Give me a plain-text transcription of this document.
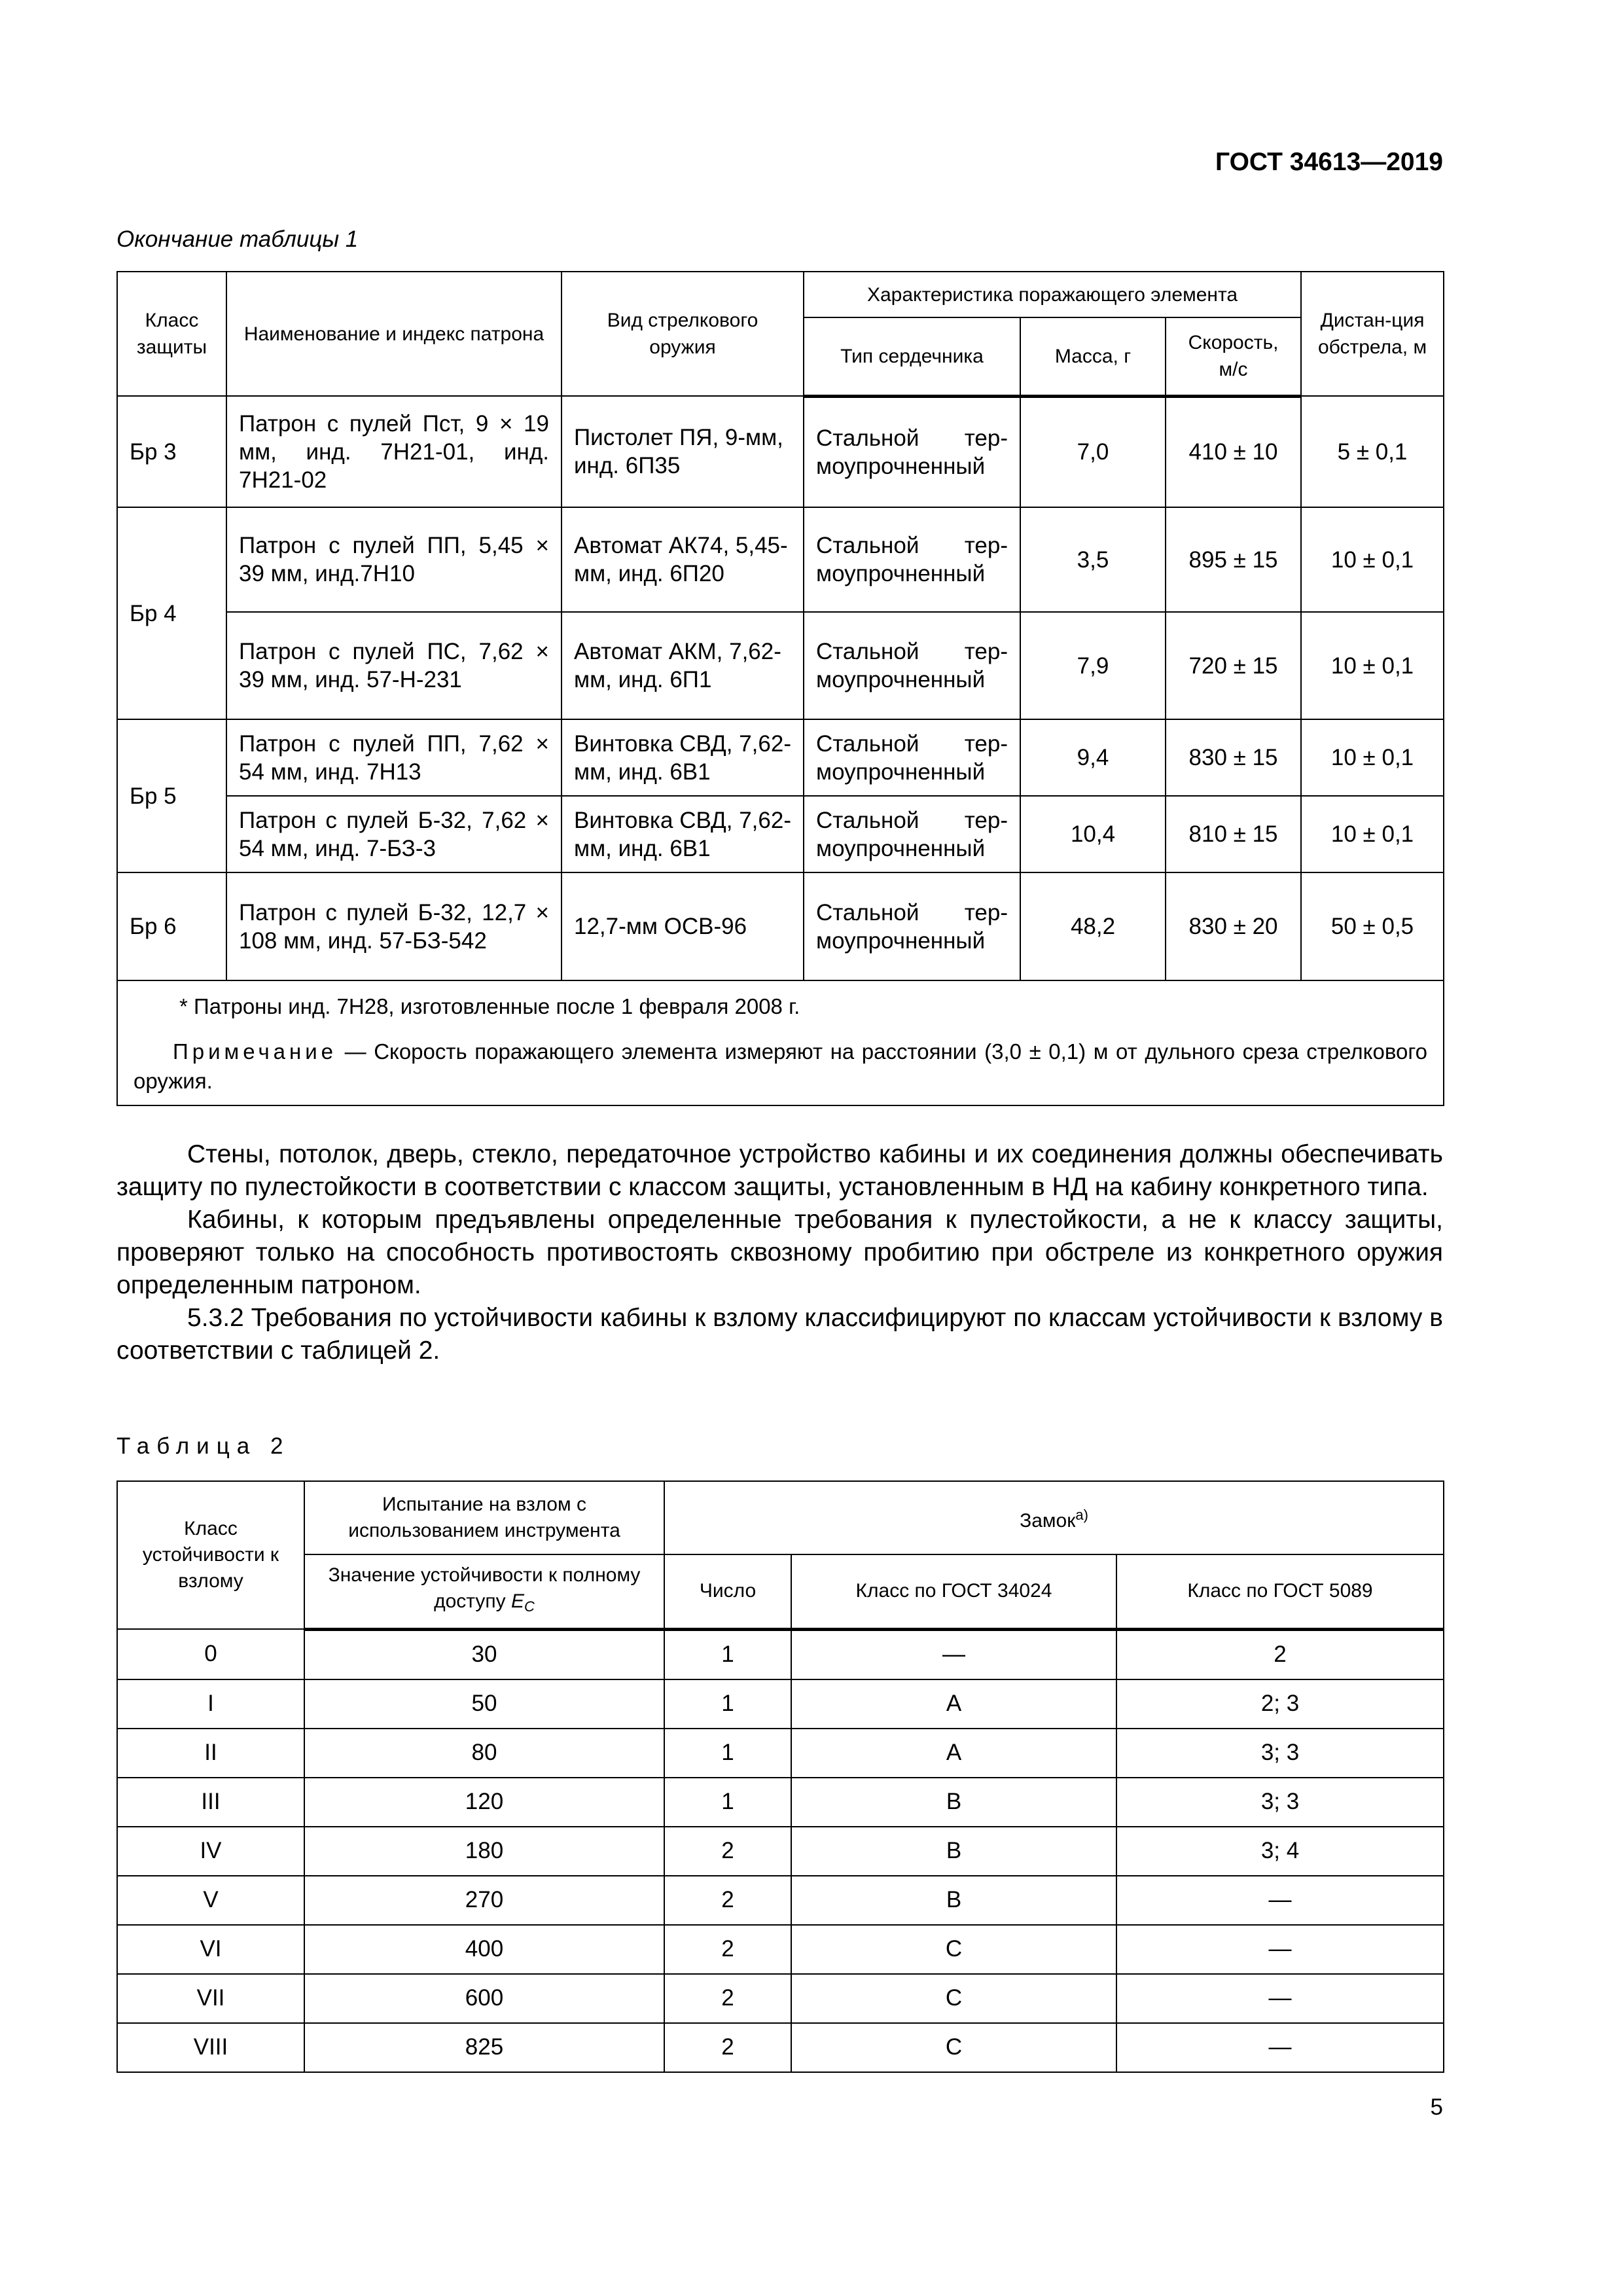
ГОСТ 34613—2019
Окончание таблицы 1
Класс защиты	Наименование и индекс патрона	Вид стрелкового оружия	Характеристика поражающего элемента			Дистан-ция обстрела, м
			Тип сердечника	Масса, г	Скорость, м/с	
Бр 3	Патрон с пулей Пст, 9 × 19 мм, инд. 7Н21-01, инд. 7Н21-02	Пистолет ПЯ, 9-мм, инд. 6П35	Стальной тер-моупрочненный	7,0	410 ± 10	5 ± 0,1
Бр 4	Патрон с пулей ПП, 5,45 × 39 мм, инд.7Н10	Автомат АК74, 5,45-мм, инд. 6П20	Стальной тер-моупрочненный	3,5	895 ± 15	10 ± 0,1
	Патрон с пулей ПС, 7,62 × 39 мм, инд. 57-Н-231	Автомат АКМ, 7,62-мм, инд. 6П1	Стальной тер-моупрочненный	7,9	720 ± 15	10 ± 0,1
Бр 5	Патрон с пулей ПП, 7,62 × 54 мм, инд. 7Н13	Винтовка СВД, 7,62-мм, инд. 6В1	Стальной тер-моупрочненный	9,4	830 ± 15	10 ± 0,1
	Патрон с пулей Б-32, 7,62 × 54 мм, инд. 7-БЗ-3	Винтовка СВД, 7,62-мм, инд. 6В1	Стальной тер-моупрочненный	10,4	810 ± 15	10 ± 0,1
Бр 6	Патрон с пулей Б-32, 12,7 × 108 мм, инд. 57-БЗ-542	12,7-мм ОСВ-96	Стальной тер-моупрочненный	48,2	830 ± 20	50 ± 0,5

* Патроны инд. 7Н28, изготовленные после 1 февраля 2008 г.
Примечание — Скорость поражающего элемента измеряют на расстоянии (3,0 ± 0,1) м от дульного среза стрелкового оружия.						

Стены, потолок, дверь, стекло, передаточное устройство кабины и их соединения должны обеспечивать защиту по пулестойкости в соответствии с классом защиты, установленным в НД на кабину конкретного типа.

Кабины, к которым предъявлены определенные требования к пулестойкости, а не к классу защиты, проверяют только на способность противостоять сквозному пробитию при обстреле из конкретного оружия определенным патроном.

5.3.2 Требования по устойчивости кабины к взлому классифицируют по классам устойчивости к взлому в соответствии с таблицей 2.

Таблица 2
Класс устойчивости к взлому	Испытание на взлом с использованием инструмента	Замок$^{а)}$
	Значение устойчивости к полному доступу $E_C$	Число	Класс по ГОСТ 34024	Класс по ГОСТ 5089
0	30	1	—	2
I	50	1	A	2; 3
II	80	1	A	3; 3
III	120	1	B	3; 3
IV	180	2	B	3; 4
V	270	2	B	—
VI	400	2	C	—
VII	600	2	C	—
VIII	825	2	C	—
5
